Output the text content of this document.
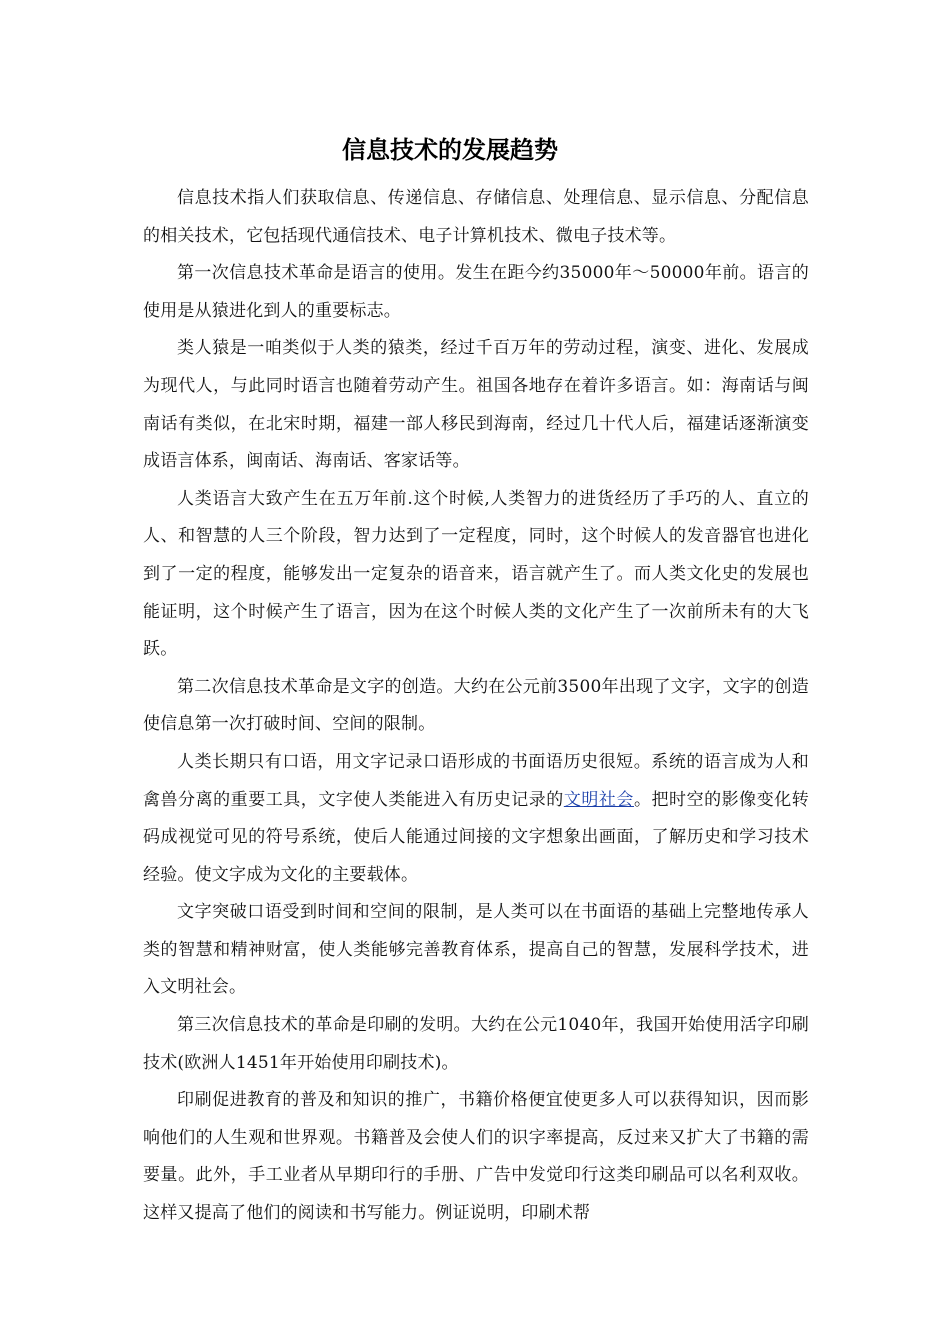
信息技术的发展趋势

信息技术指人们获取信息、传递信息、存储信息、处理信息、显示信息、分配信息的相关技术，它包括现代通信技术、电子计算机技术、微电子技术等。

第一次信息技术革命是语言的使用。发生在距今约35000年～50000年前。语言的使用是从猿进化到人的重要标志。

类人猿是一咱类似于人类的猿类，经过千百万年的劳动过程，演变、进化、发展成为现代人，与此同时语言也随着劳动产生。祖国各地存在着许多语言。如：海南话与闽南话有类似，在北宋时期，福建一部人移民到海南，经过几十代人后，福建话逐渐演变成语言体系，闽南话、海南话、客家话等。

人类语言大致产生在五万年前.这个时候,人类智力的进货经历了手巧的人、直立的人、和智慧的人三个阶段，智力达到了一定程度，同时，这个时候人的发音器官也进化到了一定的程度，能够发出一定复杂的语音来，语言就产生了。而人类文化史的发展也能证明，这个时候产生了语言，因为在这个时候人类的文化产生了一次前所未有的大飞跃。

第二次信息技术革命是文字的创造。大约在公元前3500年出现了文字，文字的创造使信息第一次打破时间、空间的限制。

人类长期只有口语，用文字记录口语形成的书面语历史很短。系统的语言成为人和禽兽分离的重要工具，文字使人类能进入有历史记录的文明社会。把时空的影像变化转码成视觉可见的符号系统，使后人能通过间接的文字想象出画面，了解历史和学习技术经验。使文字成为文化的主要载体。

文字突破口语受到时间和空间的限制，是人类可以在书面语的基础上完整地传承人类的智慧和精神财富，使人类能够完善教育体系，提高自己的智慧，发展科学技术，进入文明社会。

第三次信息技术的革命是印刷的发明。大约在公元1040年，我国开始使用活字印刷技术(欧洲人1451年开始使用印刷技术)。

印刷促进教育的普及和知识的推广，书籍价格便宜使更多人可以获得知识，因而影响他们的人生观和世界观。书籍普及会使人们的识字率提高，反过来又扩大了书籍的需要量。此外，手工业者从早期印行的手册、广告中发觉印行这类印刷品可以名利双收。这样又提高了他们的阅读和书写能力。例证说明，印刷术帮
